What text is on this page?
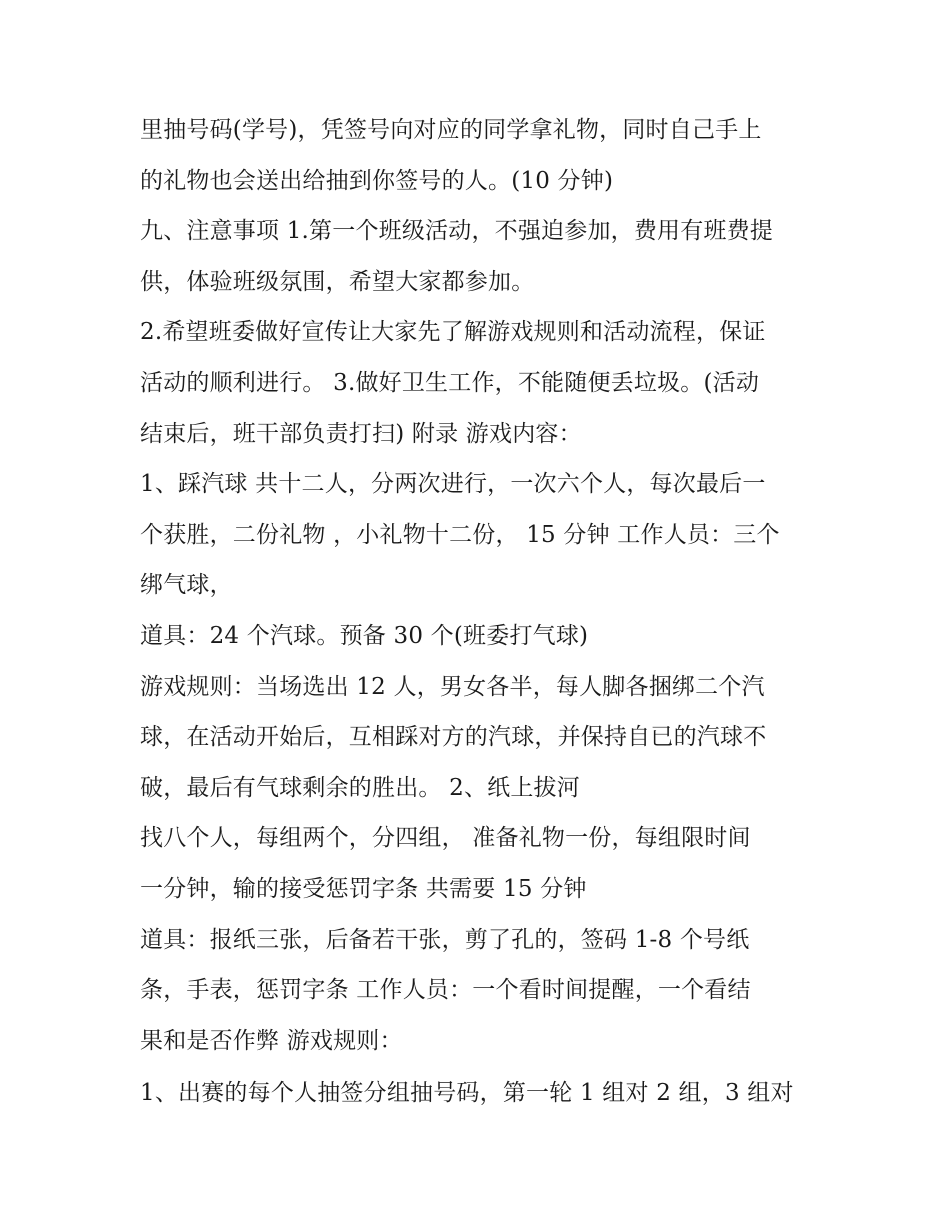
里抽号码(学号)，凭签号向对应的同学拿礼物，同时自己手上
的礼物也会送出给抽到你签号的人。(10 分钟)
九、注意事项 1.第一个班级活动，不强迫参加，费用有班费提
供，体验班级氛围，希望大家都参加。
2.希望班委做好宣传让大家先了解游戏规则和活动流程，保证
活动的顺利进行。 3.做好卫生工作，不能随便丢垃圾。(活动
结束后，班干部负责打扫) 附录 游戏内容：
1、踩汽球 共十二人，分两次进行，一次六个人，每次最后一
个获胜，二份礼物 ，小礼物十二份， 15 分钟 工作人员：三个
绑气球，
道具：24 个汽球。预备 30 个(班委打气球)
游戏规则：当场选出 12 人，男女各半，每人脚各捆绑二个汽
球，在活动开始后，互相踩对方的汽球，并保持自已的汽球不
破，最后有气球剩余的胜出。 2、纸上拔河
找八个人，每组两个，分四组， 准备礼物一份，每组限时间
一分钟，输的接受惩罚字条 共需要 15 分钟
道具：报纸三张，后备若干张，剪了孔的，签码 1-8 个号纸
条，手表，惩罚字条 工作人员：一个看时间提醒，一个看结
果和是否作弊 游戏规则：
1、出赛的每个人抽签分组抽号码，第一轮 1 组对 2 组，3 组对
